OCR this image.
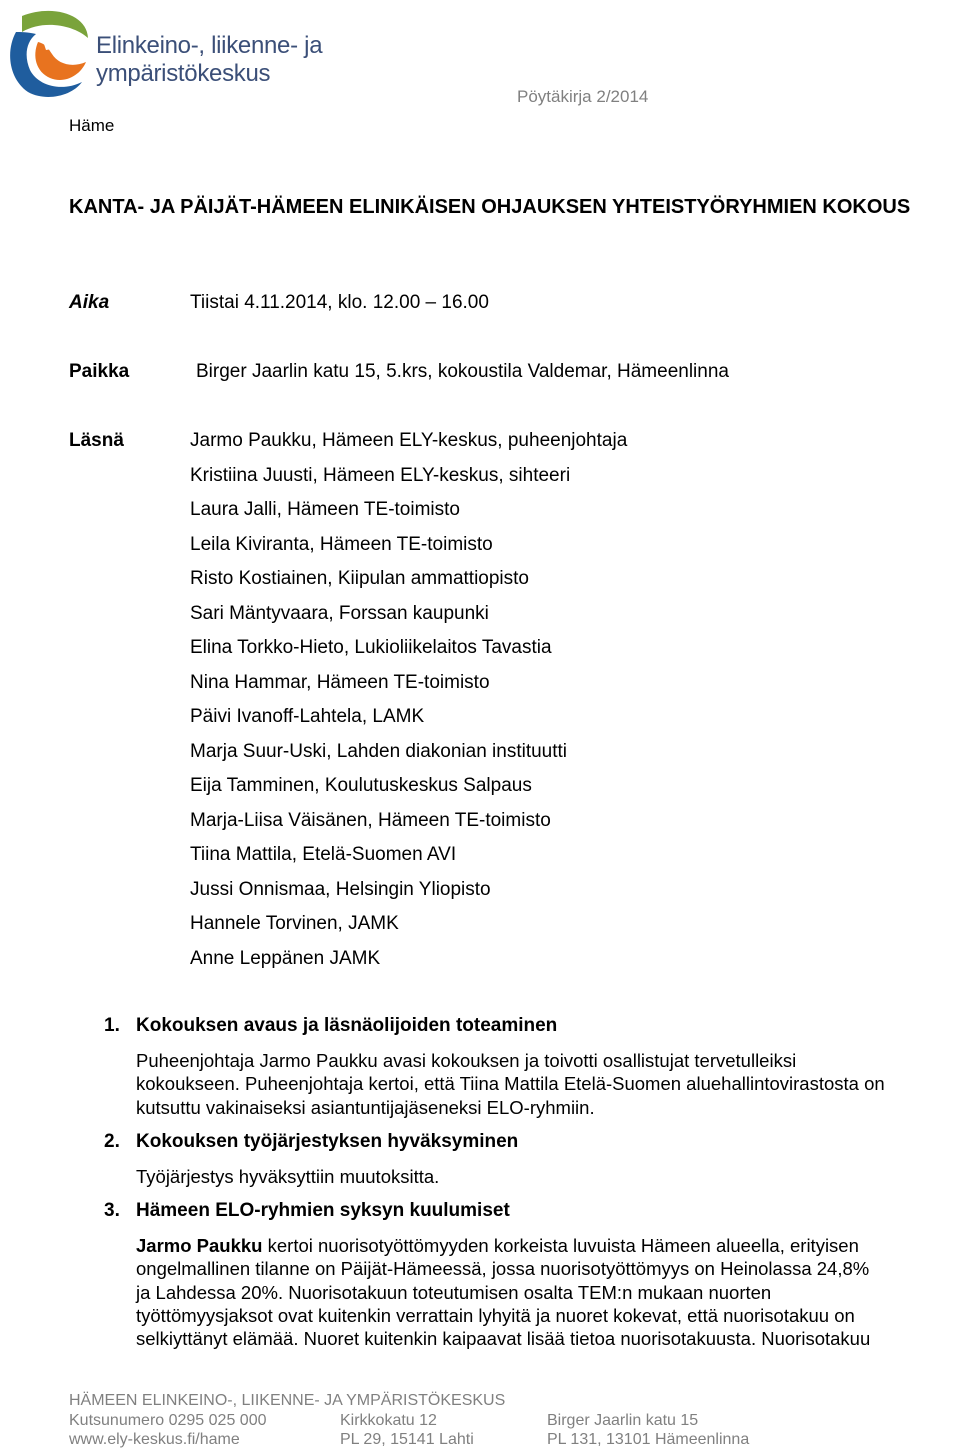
Elinkeino-, liikenne- ja
ympäristökeskus
Häme
Pöytäkirja 2/2014
KANTA- JA PÄIJÄT-HÄMEEN ELINIKÄISEN OHJAUKSEN YHTEISTYÖRYHMIEN KOKOUS
Aika	Tiistai 4.11.2014, klo. 12.00 – 16.00
Paikka	Birger Jaarlin katu 15, 5.krs, kokoustila Valdemar, Hämeenlinna
Läsnä	Jarmo Paukku, Hämeen ELY-keskus, puheenjohtaja
Kristiina Juusti, Hämeen ELY-keskus, sihteeri
Laura Jalli, Hämeen TE-toimisto
Leila Kiviranta, Hämeen TE-toimisto
Risto Kostiainen, Kiipulan ammattiopisto
Sari Mäntyvaara, Forssan kaupunki
Elina Torkko-Hieto, Lukioliikelaitos Tavastia
Nina Hammar, Hämeen TE-toimisto
Päivi Ivanoff-Lahtela, LAMK
Marja Suur-Uski, Lahden diakonian instituutti
Eija Tamminen, Koulutuskeskus Salpaus
Marja-Liisa Väisänen, Hämeen TE-toimisto
Tiina Mattila, Etelä-Suomen AVI
Jussi Onnismaa, Helsingin Yliopisto
Hannele Torvinen, JAMK
Anne Leppänen JAMK
1. Kokouksen avaus ja läsnäolijoiden toteaminen
Puheenjohtaja Jarmo Paukku avasi kokouksen ja toivotti osallistujat tervetulleiksi
kokoukseen. Puheenjohtaja kertoi, että Tiina Mattila Etelä-Suomen aluehallintovirastosta on
kutsuttu vakinaiseksi asiantuntijajäseneksi ELO-ryhmiin.
2. Kokouksen työjärjestyksen hyväksyminen
Työjärjestys hyväksyttiin muutoksitta.
3. Hämeen ELO-ryhmien syksyn kuulumiset
Jarmo Paukku kertoi nuorisotyöttömyyden korkeista luvuista Hämeen alueella, erityisen
ongelmallinen tilanne on Päijät-Hämeessä, jossa nuorisotyöttömyys on Heinolassa 24,8%
ja Lahdessa 20%. Nuorisotakuun toteutumisen osalta TEM:n mukaan nuorten
työttömyysjaksot ovat kuitenkin verrattain lyhyitä ja nuoret kokevat, että nuorisotakuu on
selkiyttänyt elämää. Nuoret kuitenkin kaipaavat lisää tietoa nuorisotakuusta. Nuorisotakuu
HÄMEEN ELINKEINO-, LIIKENNE- JA YMPÄRISTÖKESKUS
Kutsunumero 0295 025 000	Kirkkokatu 12	Birger Jaarlin katu 15
www.ely-keskus.fi/hame	PL 29, 15141 Lahti	PL 131, 13101 Hämeenlinna
